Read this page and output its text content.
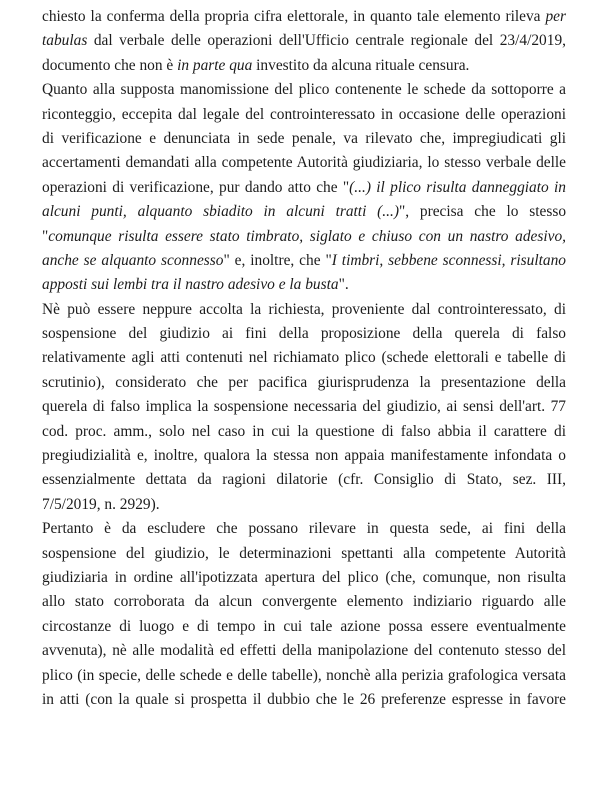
chiesto la conferma della propria cifra elettorale, in quanto tale elemento rileva per
tabulas dal verbale delle operazioni dell'Ufficio centrale regionale del 23/4/2019,
documento che non è in parte qua investito da alcuna rituale censura.
Quanto alla supposta manomissione del plico contenente le schede da sottoporre a
riconteggio, eccepita dal legale del controinteressato in occasione delle operazioni
di verificazione e denunciata in sede penale, va rilevato che, impregiudicati gli
accertamenti demandati alla competente Autorità giudiziaria, lo stesso verbale delle
operazioni di verificazione, pur dando atto che "(...) il plico risulta danneggiato in
alcuni punti, alquanto sbiadito in alcuni tratti (...)", precisa che lo stesso
"comunque risulta essere stato timbrato, siglato e chiuso con un nastro adesivo,
anche se alquanto sconnesso" e, inoltre, che "I timbri, sebbene sconnessi, risultano
apposti sui lembi tra il nastro adesivo e la busta".
Nè può essere neppure accolta la richiesta, proveniente dal controinteressato, di
sospensione del giudizio ai fini della proposizione della querela di falso
relativamente agli atti contenuti nel richiamato plico (schede elettorali e tabelle di
scrutinio), considerato che per pacifica giurisprudenza la presentazione della
querela di falso implica la sospensione necessaria del giudizio, ai sensi dell'art. 77
cod. proc. amm., solo nel caso in cui la questione di falso abbia il carattere di
pregiudizialità e, inoltre, qualora la stessa non appaia manifestamente infondata o
essenzialmente dettata da ragioni dilatorie (cfr. Consiglio di Stato, sez. III,
7/5/2019, n. 2929).
Pertanto è da escludere che possano rilevare in questa sede, ai fini della
sospensione del giudizio, le determinazioni spettanti alla competente Autorità
giudiziaria in ordine all'ipotizzata apertura del plico (che, comunque, non risulta
allo stato corroborata da alcun convergente elemento indiziario riguardo alle
circostanze di luogo e di tempo in cui tale azione possa essere eventualmente
avvenuta), nè alle modalità ed effetti della manipolazione del contenuto stesso del
plico (in specie, delle schede e delle tabelle), nonchè alla perizia grafologica versata
in atti (con la quale si prospetta il dubbio che le 26 preferenze espresse in favore
